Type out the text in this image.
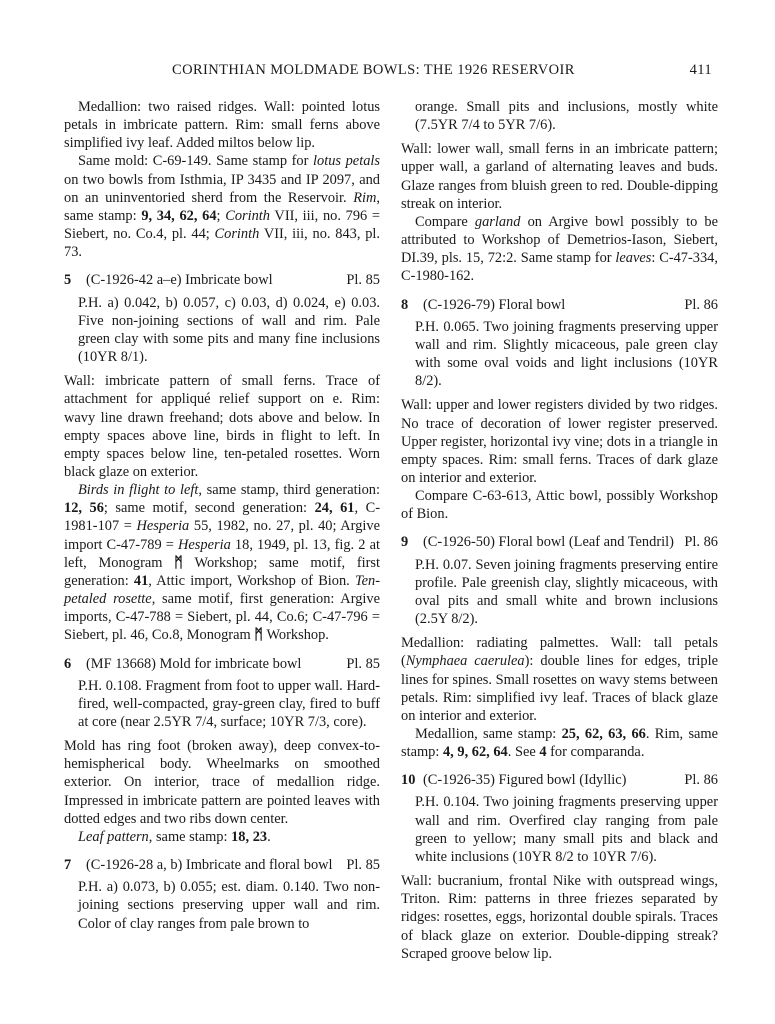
CORINTHIAN MOLDMADE BOWLS: THE 1926 RESERVOIR	411

Medallion: two raised ridges. Wall: pointed lotus petals in imbricate pattern. Rim: small ferns above simplified ivy leaf. Added miltos below lip.

Same mold: C-69-149. Same stamp for lotus petals on two bowls from Isthmia, IP 3435 and IP 2097, and on an uninventoried sherd from the Reservoir. Rim, same stamp: 9, 34, 62, 64; Corinth VII, iii, no. 796 = Siebert, no. Co.4, pl. 44; Corinth VII, iii, no. 843, pl. 73.

5 (C-1926-42 a–e) Imbricate bowl	Pl. 85

P.H. a) 0.042, b) 0.057, c) 0.03, d) 0.024, e) 0.03. Five non-joining sections of wall and rim. Pale green clay with some pits and many fine inclusions (10YR 8/1).

Wall: imbricate pattern of small ferns. Trace of attachment for appliqué relief support on e. Rim: wavy line drawn freehand; dots above and below. In empty spaces above line, birds in flight to left. In empty spaces below line, ten-petaled rosettes. Worn black glaze on exterior.

Birds in flight to left, same stamp, third generation: 12, 56; same motif, second generation: 24, 61, C-1981-107 = Hesperia 55, 1982, no. 27, pl. 40; Argive import C-47-789 = Hesperia 18, 1949, pl. 13, fig. 2 at left, Monogram ᛗ Workshop; same motif, first generation: 41, Attic import, Workshop of Bion. Ten-petaled rosette, same motif, first generation: Argive imports, C-47-788 = Siebert, pl. 44, Co.6; C-47-796 = Siebert, pl. 46, Co.8, Monogram ᛗ Workshop.

6 (MF 13668) Mold for imbricate bowl	Pl. 85

P.H. 0.108. Fragment from foot to upper wall. Hard-fired, well-compacted, gray-green clay, fired to buff at core (near 2.5YR 7/4, surface; 10YR 7/3, core).

Mold has ring foot (broken away), deep convex-to-hemispherical body. Wheelmarks on smoothed exterior. On interior, trace of medallion ridge. Impressed in imbricate pattern are pointed leaves with dotted edges and two ribs down center.

Leaf pattern, same stamp: 18, 23.

7 (C-1926-28 a, b) Imbricate and floral bowl Pl. 85

P.H. a) 0.073, b) 0.055; est. diam. 0.140. Two non-joining sections preserving upper wall and rim. Color of clay ranges from pale brown to

orange. Small pits and inclusions, mostly white (7.5YR 7/4 to 5YR 7/6).

Wall: lower wall, small ferns in an imbricate pattern; upper wall, a garland of alternating leaves and buds. Glaze ranges from bluish green to red. Double-dipping streak on interior.

Compare garland on Argive bowl possibly to be attributed to Workshop of Demetrios-Iason, Siebert, DI.39, pls. 15, 72:2. Same stamp for leaves: C-47-334, C-1980-162.

8 (C-1926-79) Floral bowl	Pl. 86

P.H. 0.065. Two joining fragments preserving upper wall and rim. Slightly micaceous, pale green clay with some oval voids and light inclusions (10YR 8/2).

Wall: upper and lower registers divided by two ridges. No trace of decoration of lower register preserved. Upper register, horizontal ivy vine; dots in a triangle in empty spaces. Rim: small ferns. Traces of dark glaze on interior and exterior.

Compare C-63-613, Attic bowl, possibly Workshop of Bion.

9 (C-1926-50) Floral bowl (Leaf and Tendril) Pl. 86

P.H. 0.07. Seven joining fragments preserving entire profile. Pale greenish clay, slightly micaceous, with oval pits and small white and brown inclusions (2.5Y 8/2).

Medallion: radiating palmettes. Wall: tall petals (Nymphaea caerulea): double lines for edges, triple lines for spines. Small rosettes on wavy stems between petals. Rim: simplified ivy leaf. Traces of black glaze on interior and exterior.

Medallion, same stamp: 25, 62, 63, 66. Rim, same stamp: 4, 9, 62, 64. See 4 for comparanda.

10 (C-1926-35) Figured bowl (Idyllic)	Pl. 86

P.H. 0.104. Two joining fragments preserving upper wall and rim. Overfired clay ranging from pale green to yellow; many small pits and black and white inclusions (10YR 8/2 to 10YR 7/6).

Wall: bucranium, frontal Nike with outspread wings, Triton. Rim: patterns in three friezes separated by ridges: rosettes, eggs, horizontal double spirals. Traces of black glaze on exterior. Double-dipping streak? Scraped groove below lip.
